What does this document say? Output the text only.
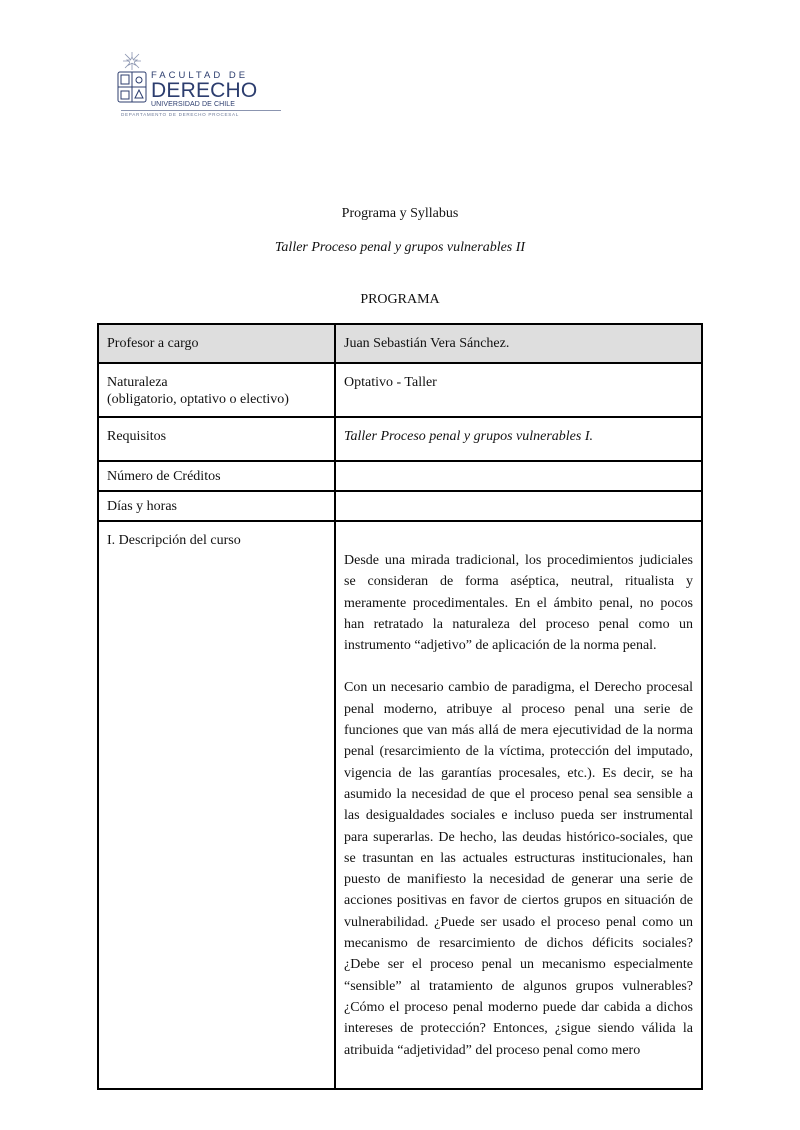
FACULTAD DE
DERECHO
UNIVERSIDAD DE CHILE
DEPARTAMENTO DE DERECHO PROCESAL
Programa y Syllabus
Taller Proceso penal y grupos vulnerables II
PROGRAMA
Profesor a cargo	Juan Sebastián Vera Sánchez.

Naturaleza
(obligatorio, optativo o electivo)	Optativo - Taller
Requisitos	Taller Proceso penal y grupos vulnerables I.
Número de Créditos	
Días y horas	
I. Descripción del curso	Desde una mirada tradicional, los procedimientos judiciales se consideran de forma aséptica, neutral, ritualista y meramente procedimentales. En el ámbito penal, no pocos han retratado la naturaleza del proceso penal como un instrumento “adjetivo” de aplicación de la norma penal.

Con un necesario cambio de paradigma, el Derecho procesal penal moderno, atribuye al proceso penal una serie de funciones que van más allá de mera ejecutividad de la norma penal (resarcimiento de la víctima, protección del imputado, vigencia de las garantías procesales, etc.). Es decir, se ha asumido la necesidad de que el proceso penal sea sensible a las desigualdades sociales e incluso pueda ser instrumental para superarlas. De hecho, las deudas histórico-sociales, que se trasuntan en las actuales estructuras institucionales, han puesto de manifiesto la necesidad de generar una serie de acciones positivas en favor de ciertos grupos en situación de vulnerabilidad. ¿Puede ser usado el proceso penal como un mecanismo de resarcimiento de dichos déficits sociales? ¿Debe ser el proceso penal un mecanismo especialmente “sensible” al tratamiento de algunos grupos vulnerables? ¿Cómo el proceso penal moderno puede dar cabida a dichos intereses de protección? Entonces, ¿sigue siendo válida la atribuida “adjetividad” del proceso penal como mero
